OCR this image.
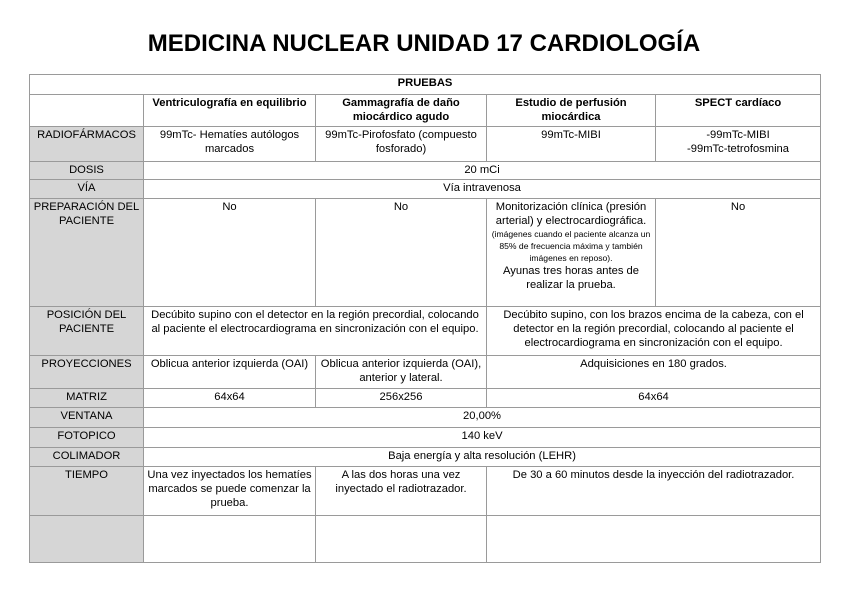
MEDICINA NUCLEAR UNIDAD 17 CARDIOLOGÍA
PRUEBAS				
	Ventriculografía en equilibrio	Gammagrafía de daño miocárdico agudo	Estudio de perfusión miocárdica	SPECT cardíaco
RADIOFÁRMACOS	99mTc- Hematíes autólogos marcados	99mTc-Pirofosfato (compuesto fosforado)	99mTc-MIBI	-99mTc-MIBI
-99mTc-tetrofosmina

DOSIS	20 mCi			
VÍA	Vía intravenosa			
PREPARACIÓN DEL PACIENTE	No	No	Monitorización clínica (presión arterial) y electrocardiográfica.
(imágenes cuando el paciente alcanza un 85% de frecuencia máxima y también imágenes en reposo).
Ayunas tres horas antes de realizar la prueba.	No
POSICIÓN DEL PACIENTE	Decúbito supino con el detector en la región precordial, colocando al paciente el electrocardiograma en sincronización con el equipo.		Decúbito supino, con los brazos encima de la cabeza, con el detector en la región precordial, colocando al paciente el electrocardiograma en sincronización con el equipo.	
PROYECCIONES	Oblicua anterior izquierda (OAI)	Oblicua anterior izquierda (OAI), anterior y lateral.	Adquisiciones en 180 grados.	
MATRIZ	64x64	256x256	64x64	
VENTANA	20,00%			
FOTOPICO	140 keV			
COLIMADOR	Baja energía y alta resolución (LEHR)			
TIEMPO	Una vez inyectados los hematíes marcados se puede comenzar la prueba.	A las dos horas una vez inyectado el radiotrazador.	De 30 a 60 minutos desde la inyección del radiotrazador.	
